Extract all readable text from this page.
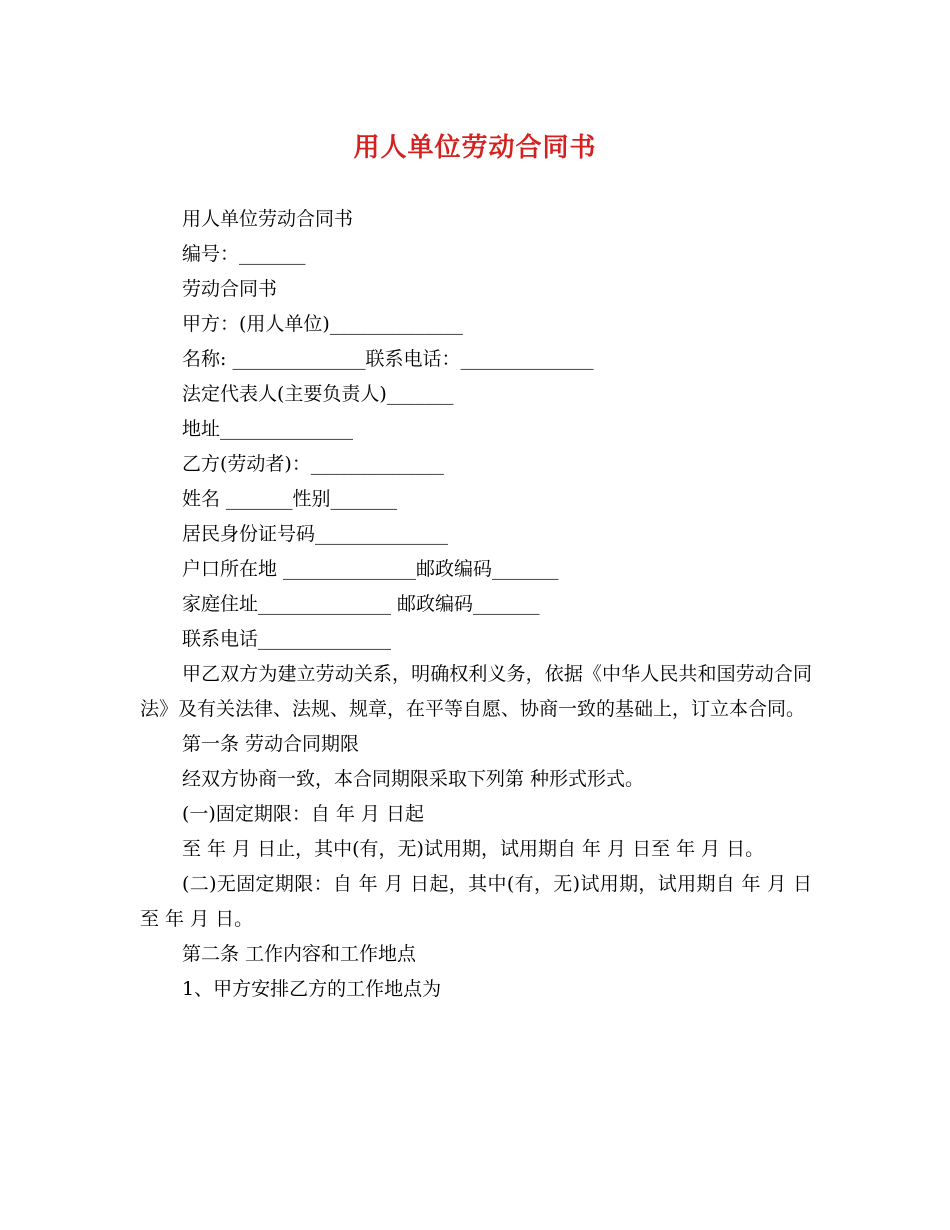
用人单位劳动合同书
用人单位劳动合同书
编号：_______
劳动合同书
甲方：(用人单位)______________
名称: ______________联系电话：______________
法定代表人(主要负责人)_______
地址______________
乙方(劳动者)：______________
姓名 _______性别_______
居民身份证号码______________
户口所在地 ______________邮政编码_______
家庭住址______________ 邮政编码_______
联系电话______________
甲乙双方为建立劳动关系，明确权利义务，依据《中华人民共和国劳动合同法》及有关法律、法规、规章，在平等自愿、协商一致的基础上，订立本合同。
第一条 劳动合同期限
经双方协商一致，本合同期限采取下列第 种形式形式。
(一)固定期限：自 年 月 日起
至 年 月 日止，其中(有，无)试用期，试用期自 年 月 日至 年 月 日。
(二)无固定期限：自 年 月 日起，其中(有，无)试用期，试用期自 年 月 日至 年 月 日。
第二条 工作内容和工作地点
1、甲方安排乙方的工作地点为
